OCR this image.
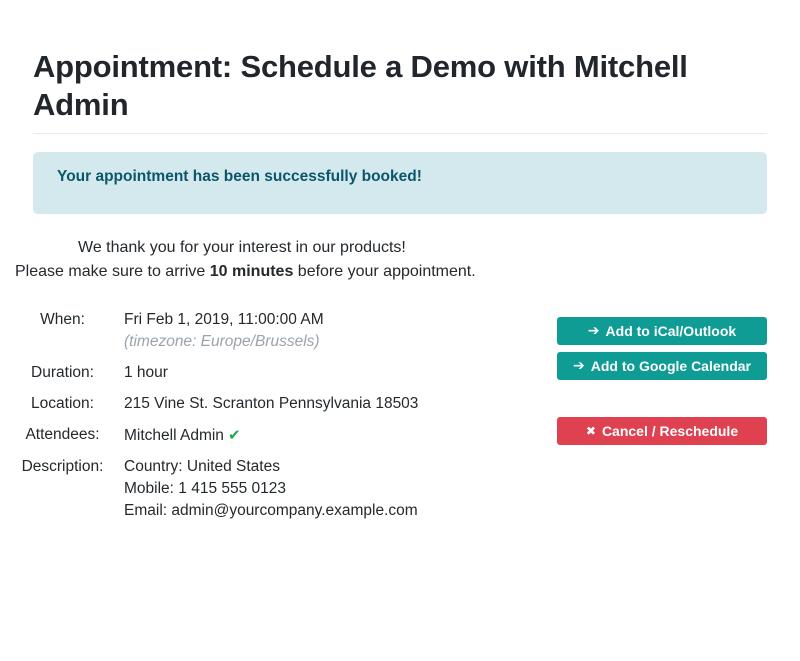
Appointment: Schedule a Demo with Mitchell Admin

Your appointment has been successfully booked!

We thank you for your interest in our products!
Please make sure to arrive 10 minutes before your appointment.
When:	Fri Feb 1, 2019, 11:00:00 AM
(timezone: Europe/Brussels)

Duration:	1 hour
Location:	215 Vine St. Scranton Pennsylvania 18503
Attendees:	Mitchell Admin ✔
Description:	Country: United States
Mobile: 1 415 555 0123
Email: admin@yourcompany.example.com
➔ Add to iCal/Outlook
➔ Add to Google Calendar
✖ Cancel / Reschedule
